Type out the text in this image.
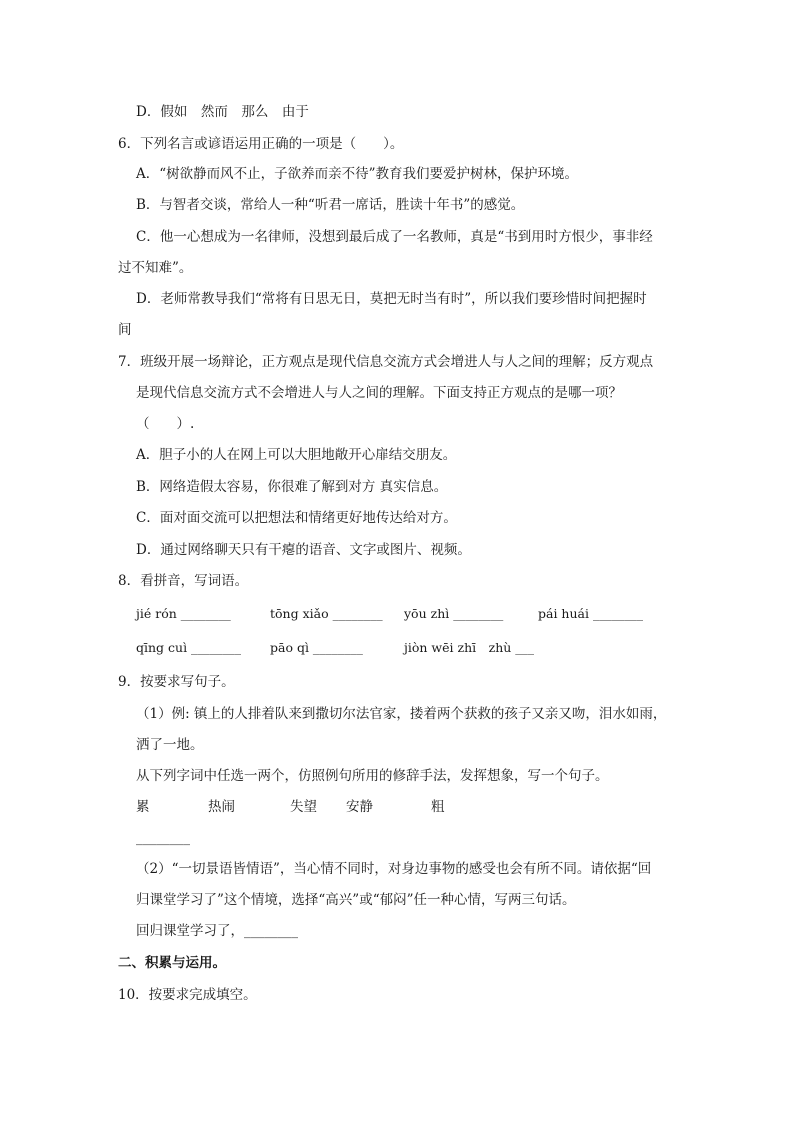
D．假如　然而　那么　由于
6．下列名言或谚语运用正确的一项是（　　）。
A．“树欲静而风不止，子欲养而亲不待”教育我们要爱护树林，保护环境。
B．与智者交谈，常给人一种“听君一席话，胜读十年书”的感觉。
C．他一心想成为一名律师，没想到最后成了一名教师，真是“书到用时方恨少，事非经
过不知难”。
D．老师常教导我们“常将有日思无日，莫把无时当有时”，所以我们要珍惜时间把握时
间
7．班级开展一场辩论，正方观点是现代信息交流方式会增进人与人之间的理解；反方观点
是现代信息交流方式不会增进人与人之间的理解。下面支持正方观点的是哪一项？
（　　）.
A．胆子小的人在网上可以大胆地敞开心扉结交朋友。
B．网络造假太容易，你很难了解到对方 真实信息。
C．面对面交流可以把想法和情绪更好地传达给对方。
D．通过网络聊天只有干瘪的语音、文字或图片、视频。
8．看拼音，写词语。
jié rón ________	tōng xiǎo ________ yōu zhì ________	pái huái ________
qīng cuì ________ pāo qì ________	jiòn wēi zhī　zhù ___
9．按要求写句子。
（1）例: 镇上的人排着队来到撒切尔法官家，搂着两个获救的孩子又亲又吻，泪水如雨，
洒了一地。
从下列字词中任选一两个，仿照例句所用的修辞手法，发挥想象，写一个句子。
累	热闹	失望 安静	粗
________
（2）“一切景语皆情语”，当心情不同时，对身边事物的感受也会有所不同。请依据“回
归课堂学习了”这个情境，选择“高兴”或“郁闷”任一种心情，写两三句话。
回归课堂学习了，________
二、积累与运用。
10．按要求完成填空。
